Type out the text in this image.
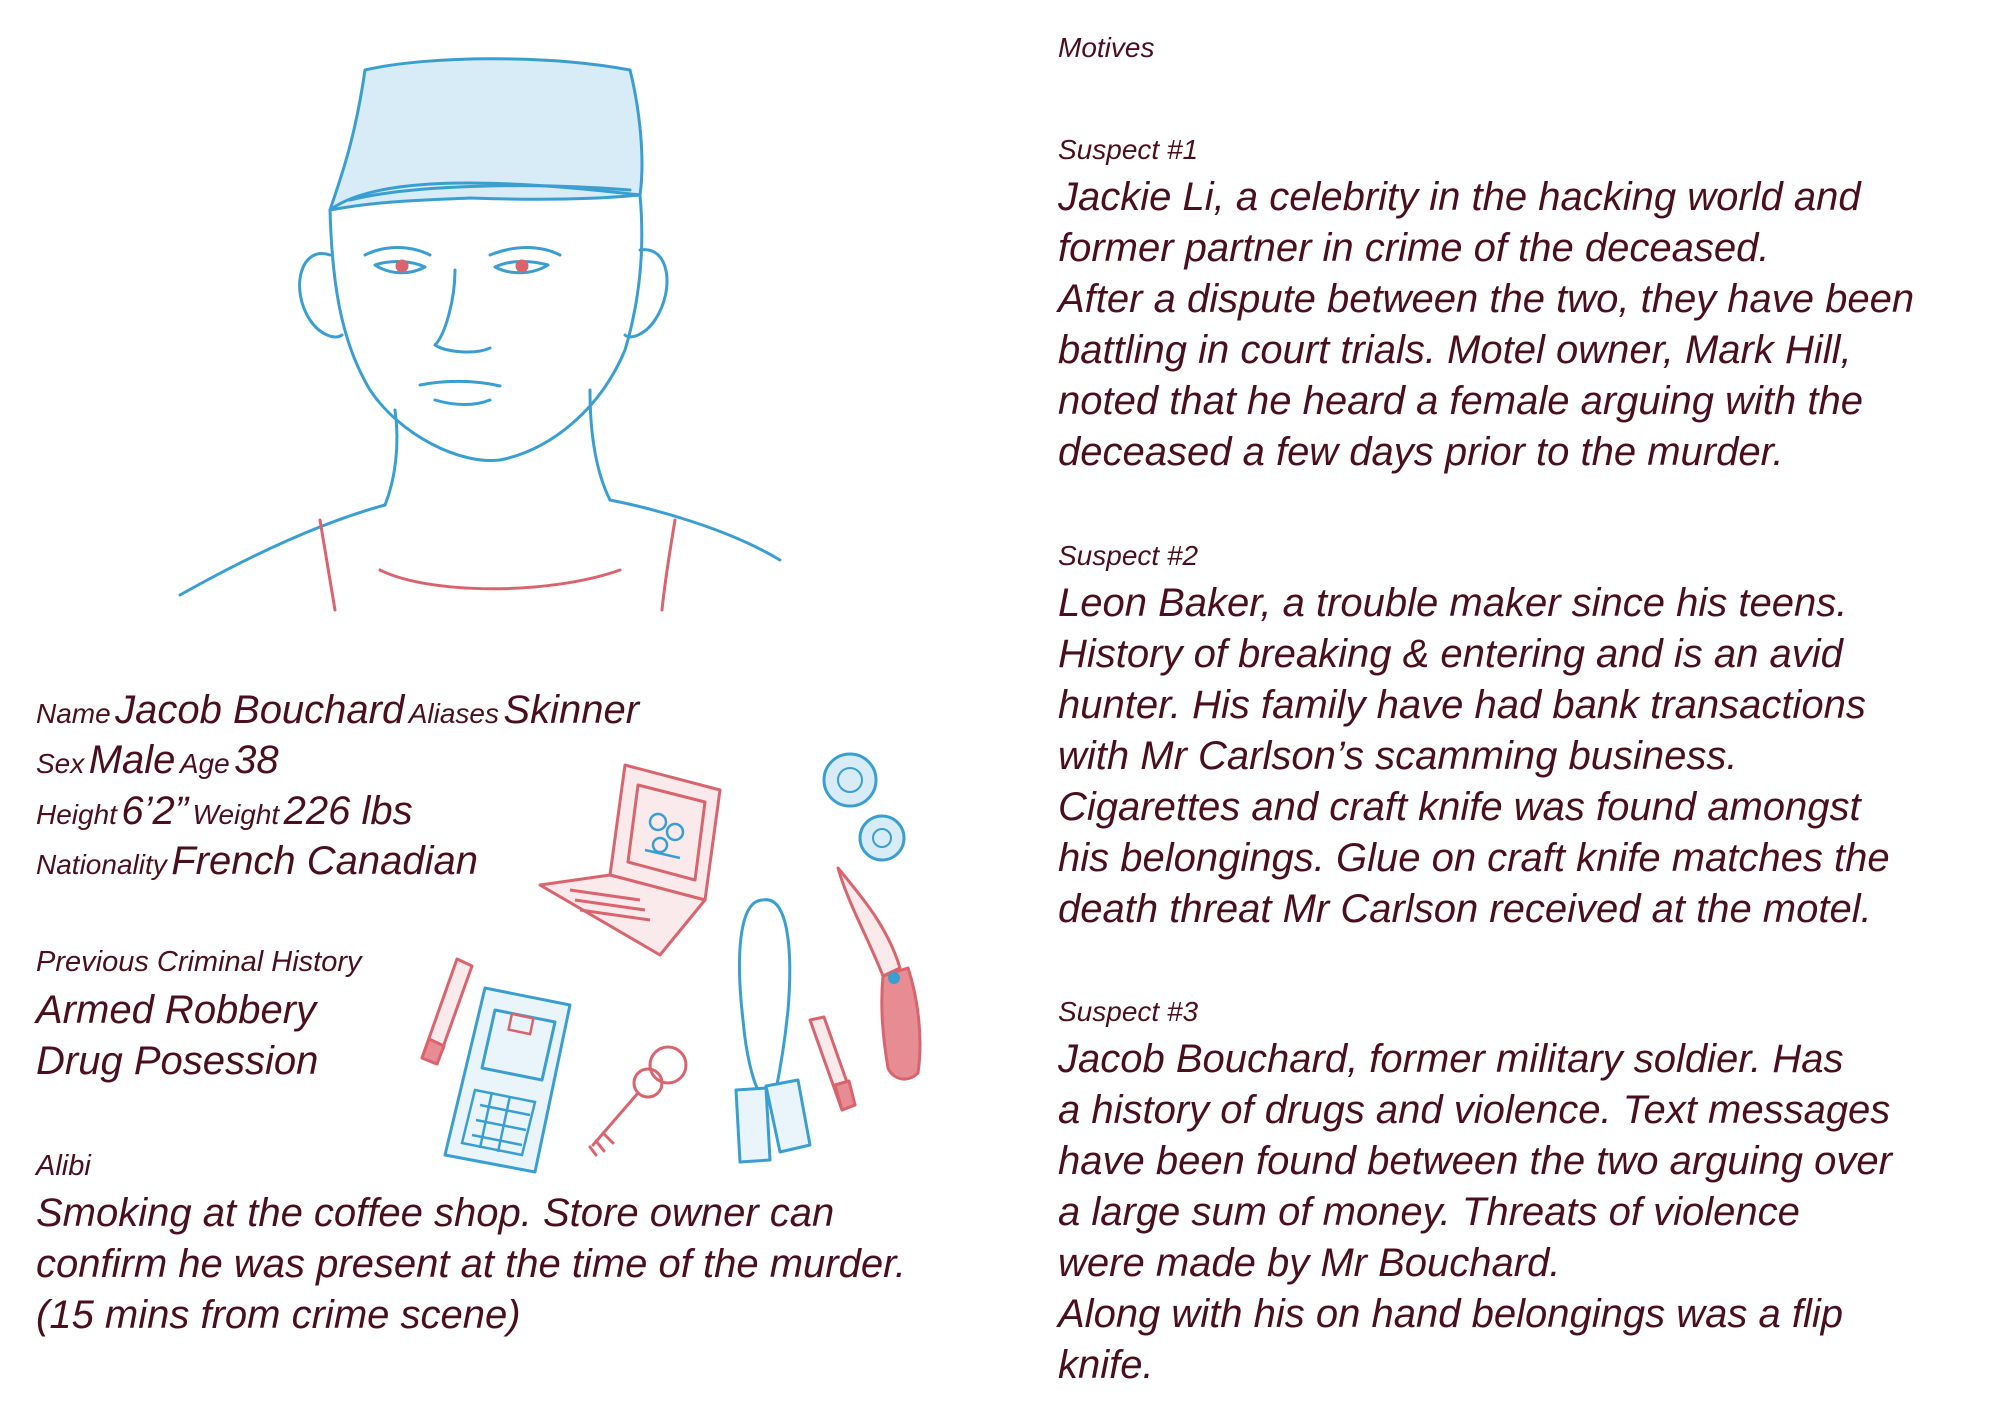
Name Jacob Bouchard Aliases Skinner
Sex Male Age 38
Height 6’2” Weight 226 lbs
Nationality French Canadian
Previous Criminal History
Armed Robbery
Drug Posession
Alibi
Smoking at the coffee shop. Store owner can
confirm he was present at the time of the murder.
(15 mins from crime scene)
Motives
Suspect #1
Jackie Li, a celebrity in the hacking world and
former partner in crime of the deceased.
After a dispute between the two, they have been
battling in court trials. Motel owner, Mark Hill,
noted that he heard a female arguing with the
deceased a few days prior to the murder.
Suspect #2
Leon Baker, a trouble maker since his teens.
History of breaking & entering and is an avid
hunter. His family have had bank transactions
with Mr Carlson’s scamming business.
Cigarettes and craft knife was found amongst
his belongings. Glue on craft knife matches the
death threat Mr Carlson received at the motel.
Suspect #3
Jacob Bouchard, former military soldier. Has
a history of drugs and violence. Text messages
have been found between the two arguing over
a large sum of money. Threats of violence
were made by Mr Bouchard.
Along with his on hand belongings was a flip
knife.
